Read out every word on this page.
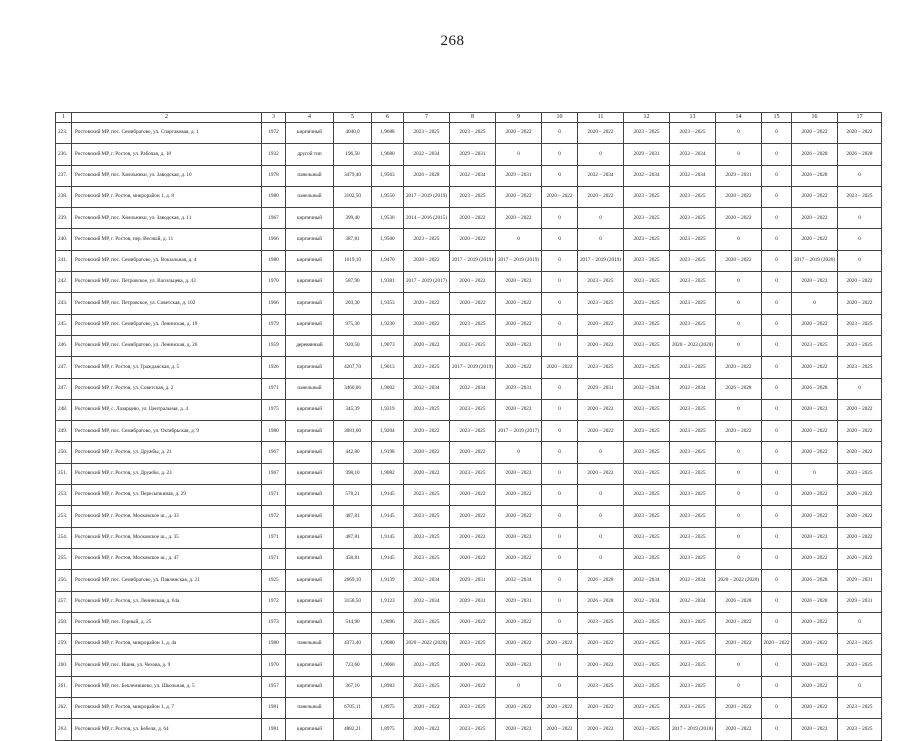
268
1	2	3	4	5	6	7	8	9	10	11	12	13	14	15	16	17
223.	Ростовский МР, пос. Семибратово, ул. Спартаковая, д. 1	1972	кирпичный	4040,0	1,9688	2023 – 2025	2023 – 2025	2020 – 2022	0	2020 – 2022	2023 – 2025	2023 – 2025	0	0	2020 – 2022	2020 – 2022
236.	Ростовский МР, г. Ростов, ул. Рабочая, д. 18	1932	другой тип	196,50	1,9680	2032 – 2034	2029 – 2031	0	0	0	2029 – 2031	2032 – 2034	0	0	2026 – 2028	2026 – 2028
237.	Ростовский МР, пос. Хмельники, ул. Заводская, д. 10	1978	панельный	3479,40	1,9563	2026 – 2028	2032 – 2034	2029 – 2031	0	2032 – 2034	2032 – 2034	2032 – 2034	2029 – 2031	0	2026 – 2028	0
238.	Ростовский МР, г. Ростов, микрорайон 1, д. 8	1980	панельный	3102,50	1,9550	2017 – 2019 (2019)	2023 – 2025	2020 – 2022	2020 – 2022	2020 – 2022	2023 – 2025	2023 – 2025	2020 – 2022	0	2020 – 2022	2023 – 2025
239.	Ростовский МР, пос. Хмельники, ул. Заводская, д. 11	1967	кирпичный	399,40	1,9536	2014 – 2016 (2015)	2020 – 2022	2020 – 2022	0	0	2023 – 2025	2023 – 2025	2020 – 2022	0	2020 – 2022	0
240.	Ростовский МР, г. Ростов, пер. Весный, д. 11	1966	кирпичный	387,81	1,9500	2023 – 2025	2020 – 2022	0	0	0	2023 – 2025	2023 – 2025	0	0	2020 – 2022	0
241.	Ростовский МР, пос. Семибратово, ул. Вокзальная, д. 4	1980	кирпичный	1619,10	1,9470	2020 – 2022	2017 – 2019 (2019)	2017 – 2019 (2019)	0	2017 – 2019 (2019)	2023 – 2025	2023 – 2025	2020 – 2022	0	2017 – 2019 (2020)	0
242.	Ростовский МР, пос. Петровское, ул. Васильцева, д. 43	1970	кирпичный	587,90	1,9381	2017 – 2019 (2017)	2020 – 2022	2020 – 2022	0	2023 – 2025	2023 – 2025	2023 – 2025	0	0	2020 – 2022	2020 – 2022
243.	Ростовский МР, пос. Петровское, ул. Советская, д. 102	1966	кирпичный	203,30	1,9353	2020 – 2022	2020 – 2022	2020 – 2022	0	2023 – 2025	2023 – 2025	2023 – 2025	0	0	0	2020 – 2022
245.	Ростовский МР, пос. Семибратово, ул. Ленинская, д. 19	1979	кирпичный	975,30	1,9230	2020 – 2022	2023 – 2025	2020 – 2022	0	2020 – 2022	2023 – 2025	2023 – 2025	0	0	2020 – 2022	2023 – 2025
246.	Ростовский МР, пос. Семибратово, ул. Ленинская, д. 26	1959	деревянный	920,50	1,9073	2020 – 2022	2023 – 2025	2020 – 2022	0	2020 – 2022	2023 – 2025	2020 – 2022 (2020)	0	0	2023 – 2025	2023 – 2025
247.	Ростовский МР, г. Ростов, ул. Гражданская, д. 5	1926	кирпичный	4207,70	1,9013	2023 – 2025	2017 – 2019 (2019)	2020 – 2022	2020 – 2022	2023 – 2025	2023 – 2025	2023 – 2025	2020 – 2022	0	2020 – 2022	2023 – 2025
247.	Ростовский МР, г. Ростов, ул. Советская, д. 2	1971	панельный	3460,06	1,9002	2032 – 2034	2032 – 2034	2029 – 2031	0	2029 – 2031	2032 – 2034	2032 – 2034	2026 – 2028	0	2026 – 2028	0
248.	Ростовский МР, с. Лазарцево, ул. Центральная, д. 4	1975	кирпичный	345,39	1,9319	2023 – 2025	2023 – 2025	2020 – 2022	0	2020 – 2022	2023 – 2025	2023 – 2025	0	0	2020 – 2022	2020 – 2022
249.	Ростовский МР, пос. Семибратово, ул. Октябрьская, д. 9	1980	кирпичный	3081,60	1,9204	2020 – 2022	2023 – 2025	2017 – 2019 (2017)	0	2020 – 2022	2023 – 2025	2023 – 2025	2020 – 2022	0	2020 – 2022	2020 – 2022
250.	Ростовский МР, г. Ростов, ул. Дружбы, д. 21	1967	кирпичный	442,80	1,9198	2020 – 2022	2020 – 2022	0	0	0	2023 – 2025	2023 – 2025	0	0	2020 – 2022	2020 – 2022
251.	Ростовский МР, г. Ростов, ул. Дружбы, д. 23	1967	кирпичный	398,10	1,9082	2020 – 2022	2023 – 2025	2020 – 2022	0	2020 – 2022	2023 – 2025	2023 – 2025	0	0	0	2023 – 2025
253.	Ростовский МР, г. Ростов, ул. Пересыпкиная, д. 29	1971	кирпичный	578,21	1,9145	2023 – 2025	2020 – 2022	2020 – 2022	0	0	2023 – 2025	2023 – 2025	0	0	2020 – 2022	2020 – 2022
253.	Ростовский МР, г. Ростов, Московское ш., д. 33	1972	кирпичный	487,81	1,9145	2023 – 2025	2020 – 2022	2020 – 2022	0	0	2023 – 2025	2023 – 2025	0	0	2020 – 2022	2020 – 2022
254.	Ростовский МР, г. Ростов, Московское ш., д. 35	1971	кирпичный	487,81	1,9145	2023 – 2025	2020 – 2022	2020 – 2022	0	0	2023 – 2025	2023 – 2025	0	0	2020 – 2022	2020 – 2022
255.	Ростовский МР, г. Ростов, Московское ш., д. 47	1971	кирпичный	458,81	1,9145	2023 – 2025	2020 – 2022	2020 – 2022	0	0	2023 – 2025	2023 – 2025	0	0	2020 – 2022	2020 – 2022
256.	Ростовский МР, пос. Семибратово, ул. Павлинская, д. 21	1925	кирпичный	2669,10	1,9139	2032 – 2034	2029 – 2031	2032 – 2034	0	2026 – 2028	2032 – 2034	2032 – 2034	2020 – 2022 (2020)	0	2026 – 2028	2029 – 2031
257.	Ростовский МР, г. Ростов, ул. Ленинская, д. 64а	1972	кирпичный	3158,50	1,9123	2032 – 2034	2029 – 2031	2029 – 2031	0	2026 – 2028	2032 – 2034	2032 – 2034	2026 – 2028	0	2026 – 2028	2029 – 2031
258.	Ростовский МР, пос. Горный, д. 25	1973	кирпичный	514,90	1,9096	2023 – 2025	2020 – 2022	2020 – 2022	0	2023 – 2025	2023 – 2025	2023 – 2025	2020 – 2022	0	2020 – 2022	0
259.	Ростовский МР, г. Ростов, микрорайон 1, д. 4а	1980	панельный	4373,40	1,9080	2020 – 2022 (2020)	2023 – 2025	2020 – 2022	2020 – 2022	2020 – 2022	2023 – 2025	2023 – 2025	2020 – 2022	2020 – 2022	2020 – 2022	2023 – 2025
260.	Ростовский МР, пос. Ишня, ул. Чехова, д. 9	1970	кирпичный	723,60	1,9060	2023 – 2025	2020 – 2022	2020 – 2022	0	2020 – 2022	2023 – 2025	2023 – 2025	0	0	2020 – 2022	2023 – 2025
261.	Ростовский МР, пос. Беклемишево, ул. Школьная, д. 5	1957	кирпичный	367,10	1,8983	2023 – 2025	2020 – 2022	0	0	2023 – 2025	2023 – 2025	2023 – 2025	0	0	2020 – 2022	0
262.	Ростовский МР, г. Ростов, микрорайон 1, д. 7	1981	панельный	6705,11	1,8975	2020 – 2022	2023 – 2025	2020 – 2022	2020 – 2022	2020 – 2022	2023 – 2025	2023 – 2025	2020 – 2022	0	2020 – 2022	2023 – 2025
263.	Ростовский МР, г. Ростов, ул. Бебеля, д. 64	1981	кирпичный	4882,21	1,8975	2020 – 2022	2023 – 2025	2020 – 2022	2020 – 2022	2020 – 2022	2023 – 2025	2017 – 2019 (2018)	2020 – 2022	0	2020 – 2022	2023 – 2025
